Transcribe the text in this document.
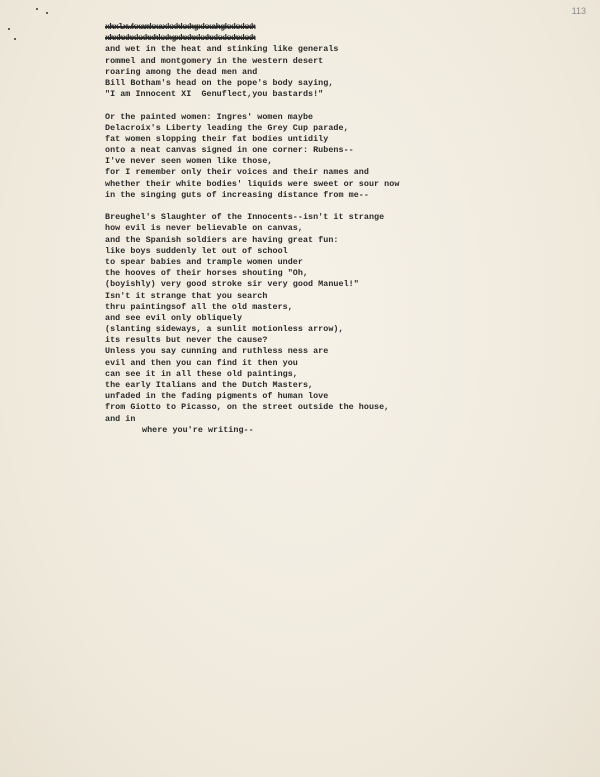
113
xhxlxwkxamkxaxkxhkxhgxkxahgkxkxkxh
xhxhxhxkxhxhkxhgxhxhxkxhxkxkxhxkxh
and wet in the heat and stinking like generals
rommel and montgomery in the western desert
roaring among the dead men and
Bill Botham's head on the pope's body saying,
"I am Innocent XI  Genuflect,you bastards!"
Or the painted women: Ingres' women maybe
Delacroix's Liberty leading the Grey Cup parade,
fat women slopping their fat bodies untidily
onto a neat canvas signed in one corner: Rubens--
I've never seen women like those,
for I remember only their voices and their names and
whether their white bodies' liquids were sweet or sour now
in the singing guts of increasing distance from me--
Breughel's Slaughter of the Innocents--isn't it strange
how evil is never believable on canvas,
and the Spanish soldiers are having great fun:
like boys suddenly let out of school
to spear babies and trample women under
the hooves of their horses shouting "Oh,
(boyishly) very good stroke sir very good Manuel!"
Isn't it strange that you search
thru paintingsof all the old masters,
and see evil only obliquely
(slanting sideways, a sunlit motionless arrow),
its results but never the cause?
Unless you say cunning and ruthless ness are
evil and then you can find it then you
can see it in all these old paintings,
the early Italians and the Dutch Masters,
unfaded in the fading pigments of human love
from Giotto to Picasso, on the street outside the house,
and in
where you're writing--
